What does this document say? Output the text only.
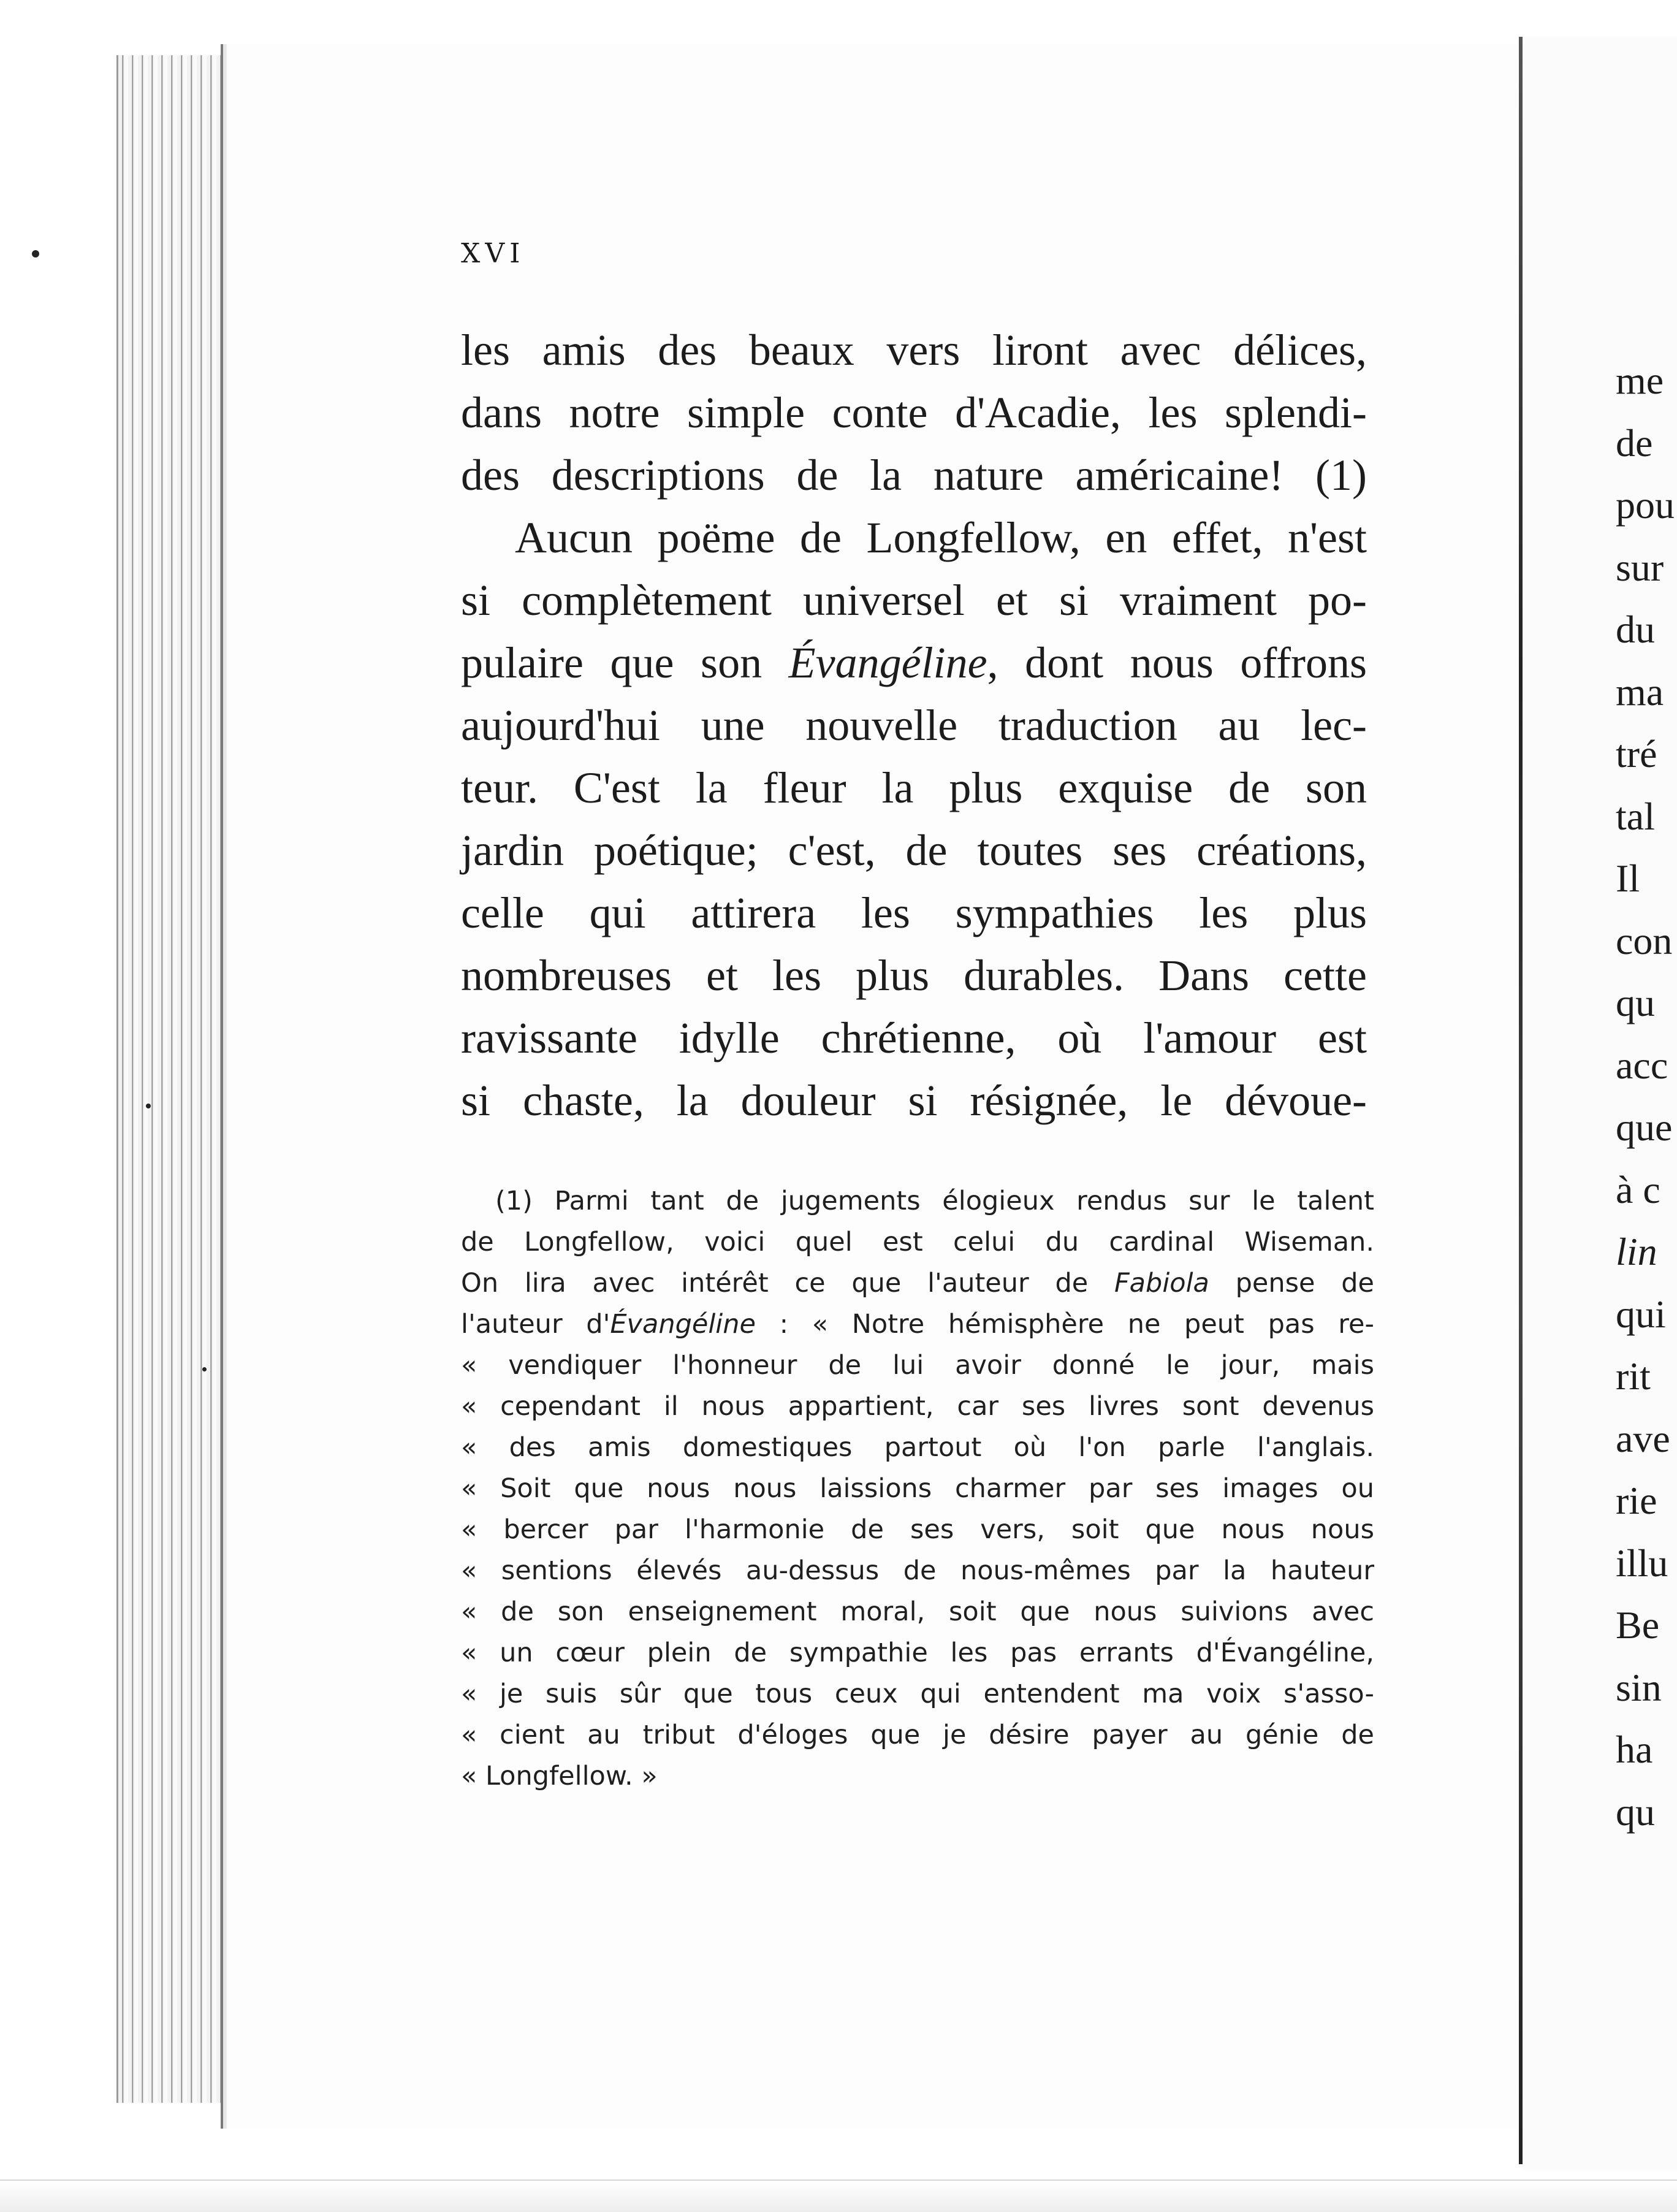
XVI
les amis des beaux vers liront avec délices,
dans notre simple conte d'Acadie, les splendi-
des descriptions de la nature américaine! (1)
Aucun poëme de Longfellow, en effet, n'est
si complètement universel et si vraiment po-
pulaire que son Évangéline, dont nous offrons
aujourd'hui une nouvelle traduction au lec-
teur. C'est la fleur la plus exquise de son
jardin poétique; c'est, de toutes ses créations,
celle qui attirera les sympathies les plus
nombreuses et les plus durables. Dans cette
ravissante idylle chrétienne, où l'amour est
si chaste, la douleur si résignée, le dévoue-
(1) Parmi tant de jugements élogieux rendus sur le talent
de Longfellow, voici quel est celui du cardinal Wiseman.
On lira avec intérêt ce que l'auteur de Fabiola pense de
l'auteur d'Évangéline : « Notre hémisphère ne peut pas re-
« vendiquer l'honneur de lui avoir donné le jour, mais
« cependant il nous appartient, car ses livres sont devenus
« des amis domestiques partout où l'on parle l'anglais.
« Soit que nous nous laissions charmer par ses images ou
« bercer par l'harmonie de ses vers, soit que nous nous
« sentions élevés au-dessus de nous-mêmes par la hauteur
« de son enseignement moral, soit que nous suivions avec
« un cœur plein de sympathie les pas errants d'Évangéline,
« je suis sûr que tous ceux qui entendent ma voix s'asso-
« cient au tribut d'éloges que je désire payer au génie de
« Longfellow. »
me
de
pou
sur
du
ma
tré
tal
Il
con
qu
acc
que
à c
lin
qui
rit
ave
rie
illu
Be
sin
ha
qu
